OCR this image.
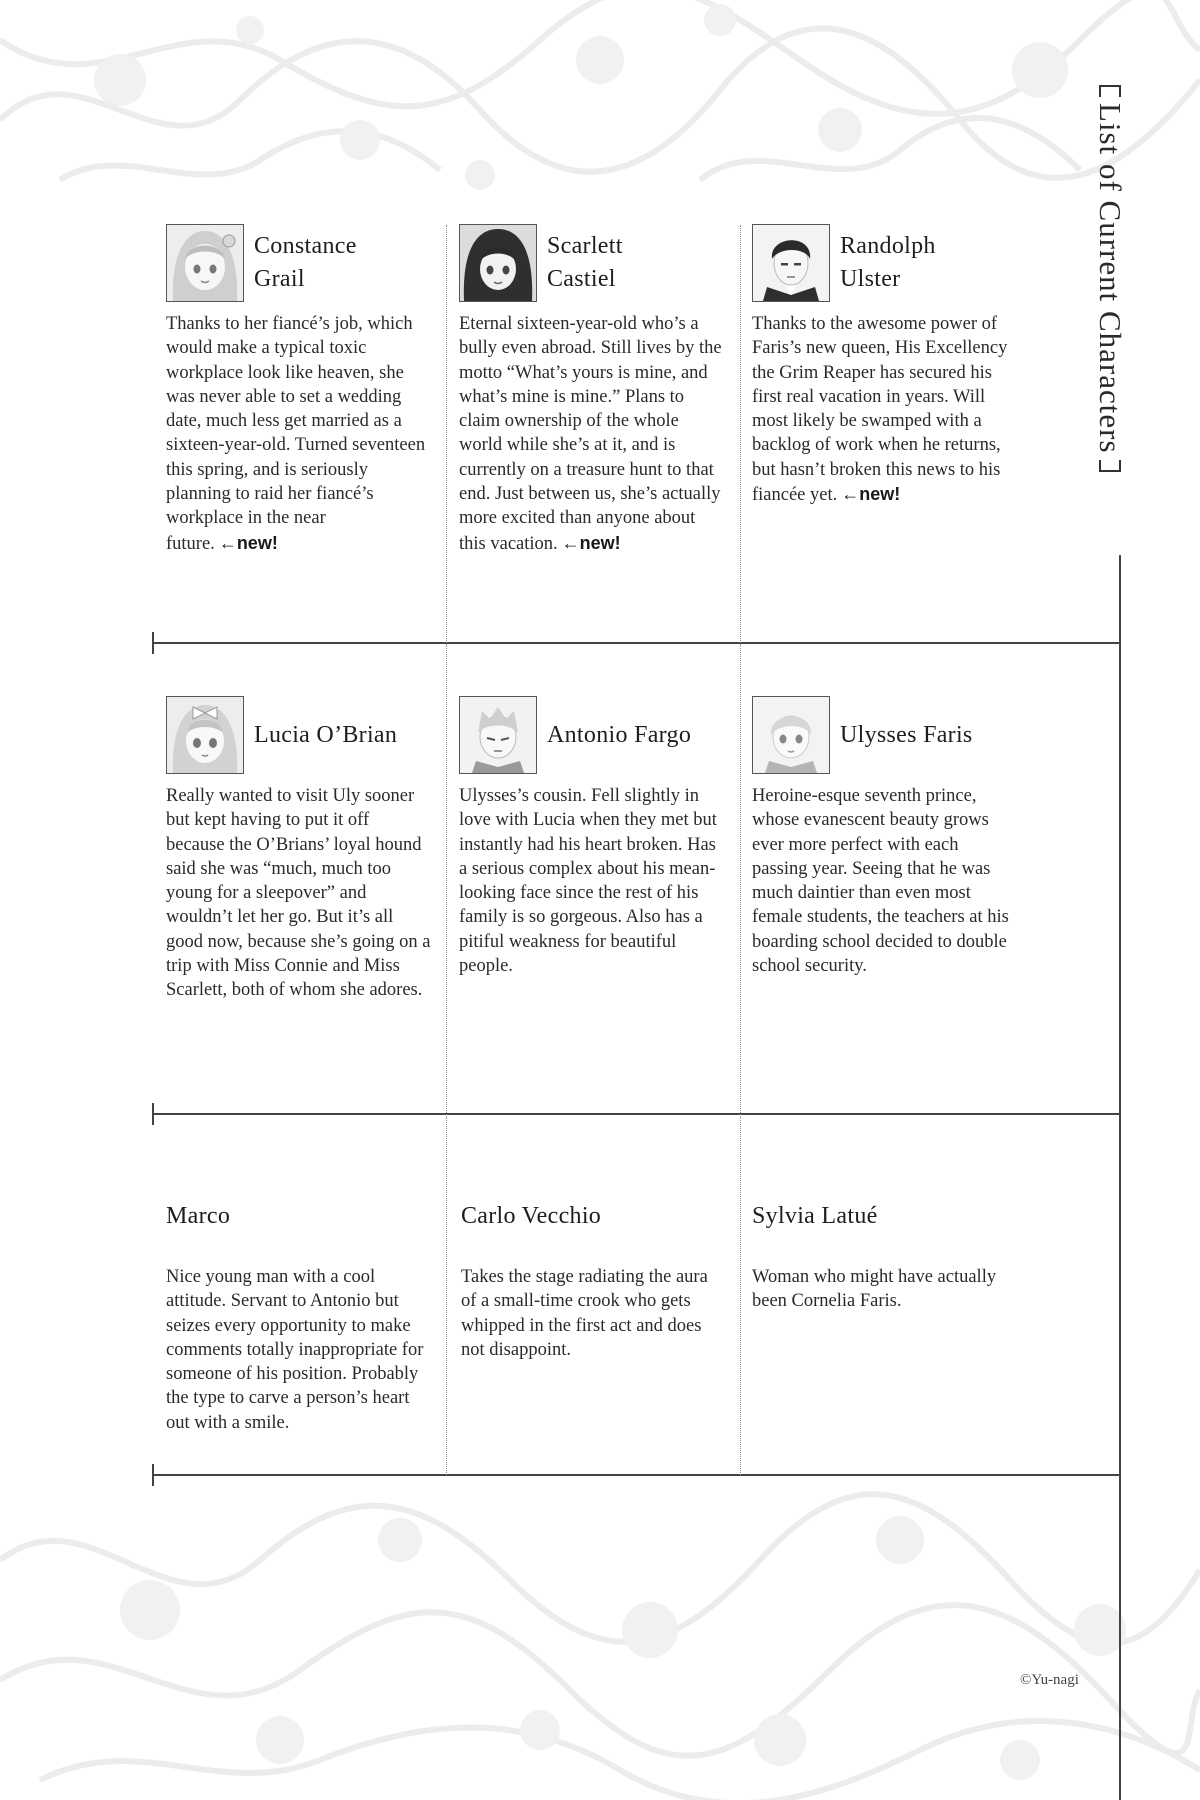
List of Current Characters
Constance
Grail

Thanks to her fiancé’s job, which would make a typical toxic workplace look like heaven, she was never able to set a wedding date, much less get married as a sixteen-year-old. Turned seventeen this spring, and is seriously planning to raid her fiancé’s workplace in the near future. ←new!

Scarlett
Castiel

Eternal sixteen-year-old who’s a bully even abroad. Still lives by the motto “What’s yours is mine, and what’s mine is mine.” Plans to claim ownership of the whole world while she’s at it, and is currently on a treasure hunt to that end. Just between us, she’s actually more excited than anyone about this vacation. ←new!

Randolph
Ulster

Thanks to the awesome power of Faris’s new queen, His Excellency the Grim Reaper has secured his first real vacation in years. Will most likely be swamped with a backlog of work when he returns, but hasn’t broken this news to his fiancée yet. ←new!

Lucia O’Brian

Really wanted to visit Uly sooner but kept having to put it off because the O’Brians’ loyal hound said she was “much, much too young for a sleepover” and wouldn’t let her go. But it’s all good now, because she’s going on a trip with Miss Connie and Miss Scarlett, both of whom she adores.

Antonio Fargo

Ulysses’s cousin. Fell slightly in love with Lucia when they met but instantly had his heart broken. Has a serious complex about his mean-looking face since the rest of his family is so gorgeous. Also has a pitiful weakness for beautiful people.

Ulysses Faris

Heroine-esque seventh prince, whose evanescent beauty grows ever more perfect with each passing year. Seeing that he was much daintier than even most female students, the teachers at his boarding school decided to double school security.

Marco

Nice young man with a cool attitude. Servant to Antonio but seizes every opportunity to make comments totally inappropriate for someone of his position. Probably the type to carve a person’s heart out with a smile.

Carlo Vecchio

Takes the stage radiating the aura of a small-time crook who gets whipped in the first act and does not disappoint.

Sylvia Latué

Woman who might have actually been Cornelia Faris.

©Yu-nagi
